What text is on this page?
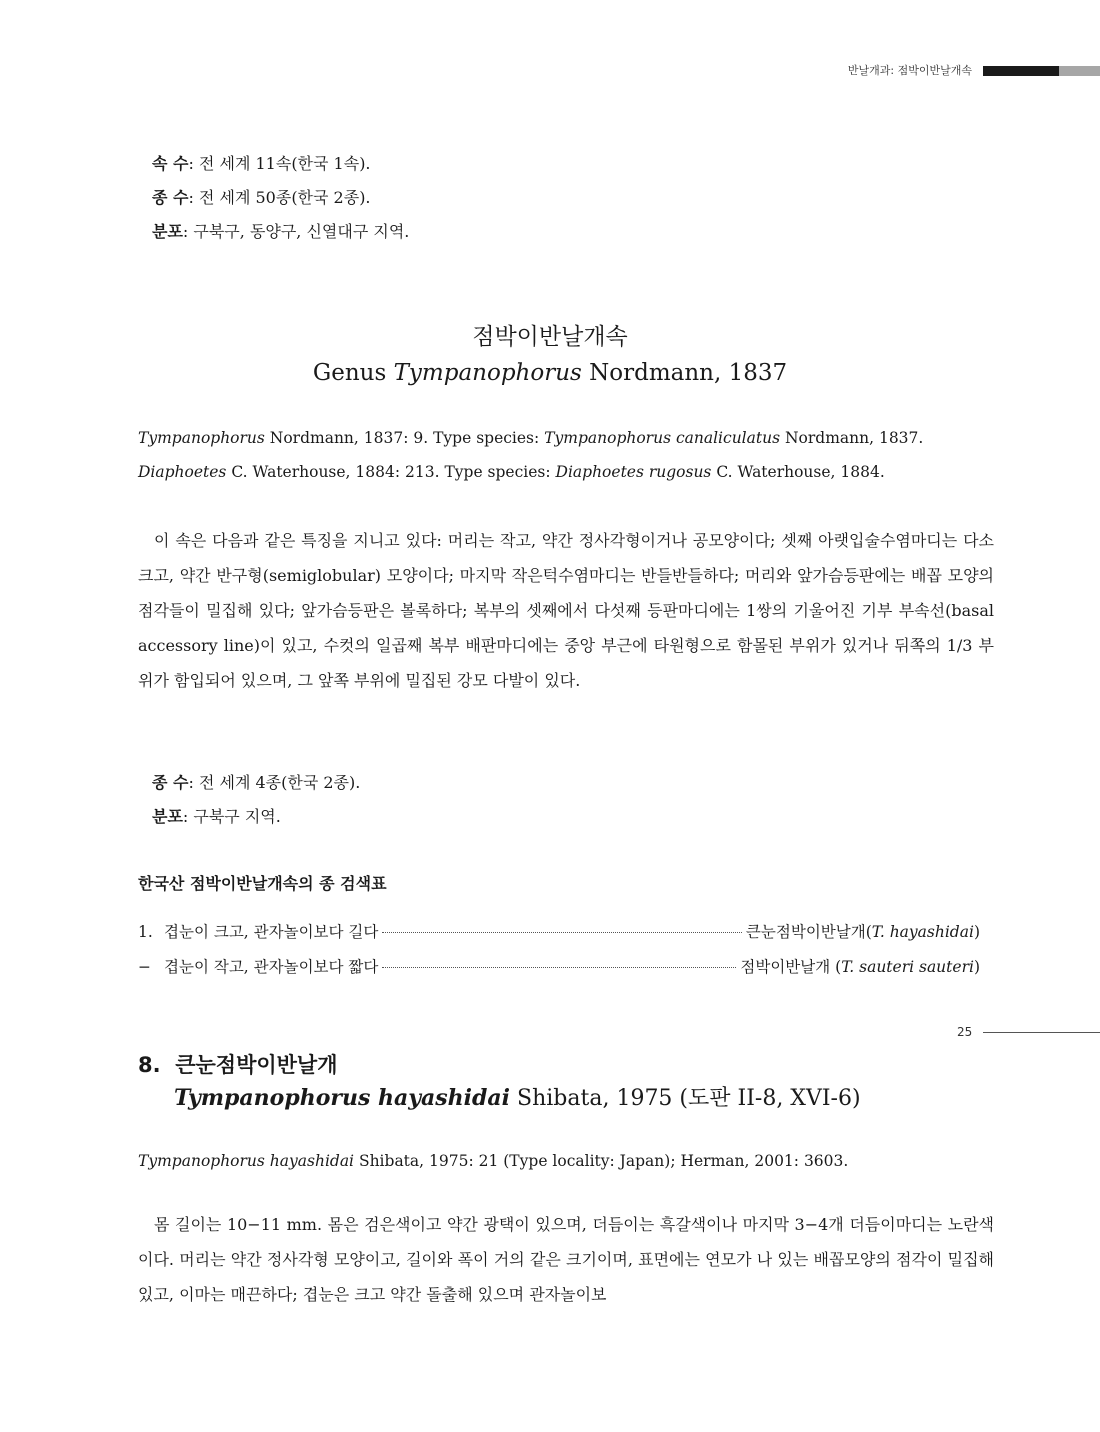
반날개과: 점박이반날개속
속 수: 전 세계 11속(한국 1속).
종 수: 전 세계 50종(한국 2종).
분포: 구북구, 동양구, 신열대구 지역.
점박이반날개속
Genus Tympanophorus Nordmann, 1837
Tympanophorus Nordmann, 1837: 9. Type species: Tympanophorus canaliculatus Nordmann, 1837.
Diaphoetes C. Waterhouse, 1884: 213. Type species: Diaphoetes rugosus C. Waterhouse, 1884.

이 속은 다음과 같은 특징을 지니고 있다: 머리는 작고, 약간 정사각형이거나 공모양이다; 셋째 아랫입술수염마디는 다소 크고, 약간 반구형(semiglobular) 모양이다; 마지막 작은턱수염마디는 반들반들하다; 머리와 앞가슴등판에는 배꼽 모양의 점각들이 밀집해 있다; 앞가슴등판은 볼록하다; 복부의 셋째에서 다섯째 등판마디에는 1쌍의 기울어진 기부 부속선(basal accessory line)이 있고, 수컷의 일곱째 복부 배판마디에는 중앙 부근에 타원형으로 함몰된 부위가 있거나 뒤쪽의 1/3 부위가 함입되어 있으며, 그 앞쪽 부위에 밀집된 강모 다발이 있다.

종 수: 전 세계 4종(한국 2종).
분포: 구북구 지역.
한국산 점박이반날개속의 종 검색표
1. 겹눈이 크고, 관자놀이보다 길다	큰눈점박이반날개(T. hayashidai)
− 겹눈이 작고, 관자놀이보다 짧다	점박이반날개 (T. sauteri sauteri)
8. 큰눈점박이반날개
Tympanophorus hayashidai Shibata, 1975 (도판 II-8, XVI-6)
Tympanophorus hayashidai Shibata, 1975: 21 (Type locality: Japan); Herman, 2001: 3603.

몸 길이는 10−11 mm. 몸은 검은색이고 약간 광택이 있으며, 더듬이는 흑갈색이나 마지막 3−4개 더듬이마디는 노란색이다. 머리는 약간 정사각형 모양이고, 길이와 폭이 거의 같은 크기이며, 표면에는 연모가 나 있는 배꼽모양의 점각이 밀집해 있고, 이마는 매끈하다; 겹눈은 크고 약간 돌출해 있으며 관자놀이보

25
